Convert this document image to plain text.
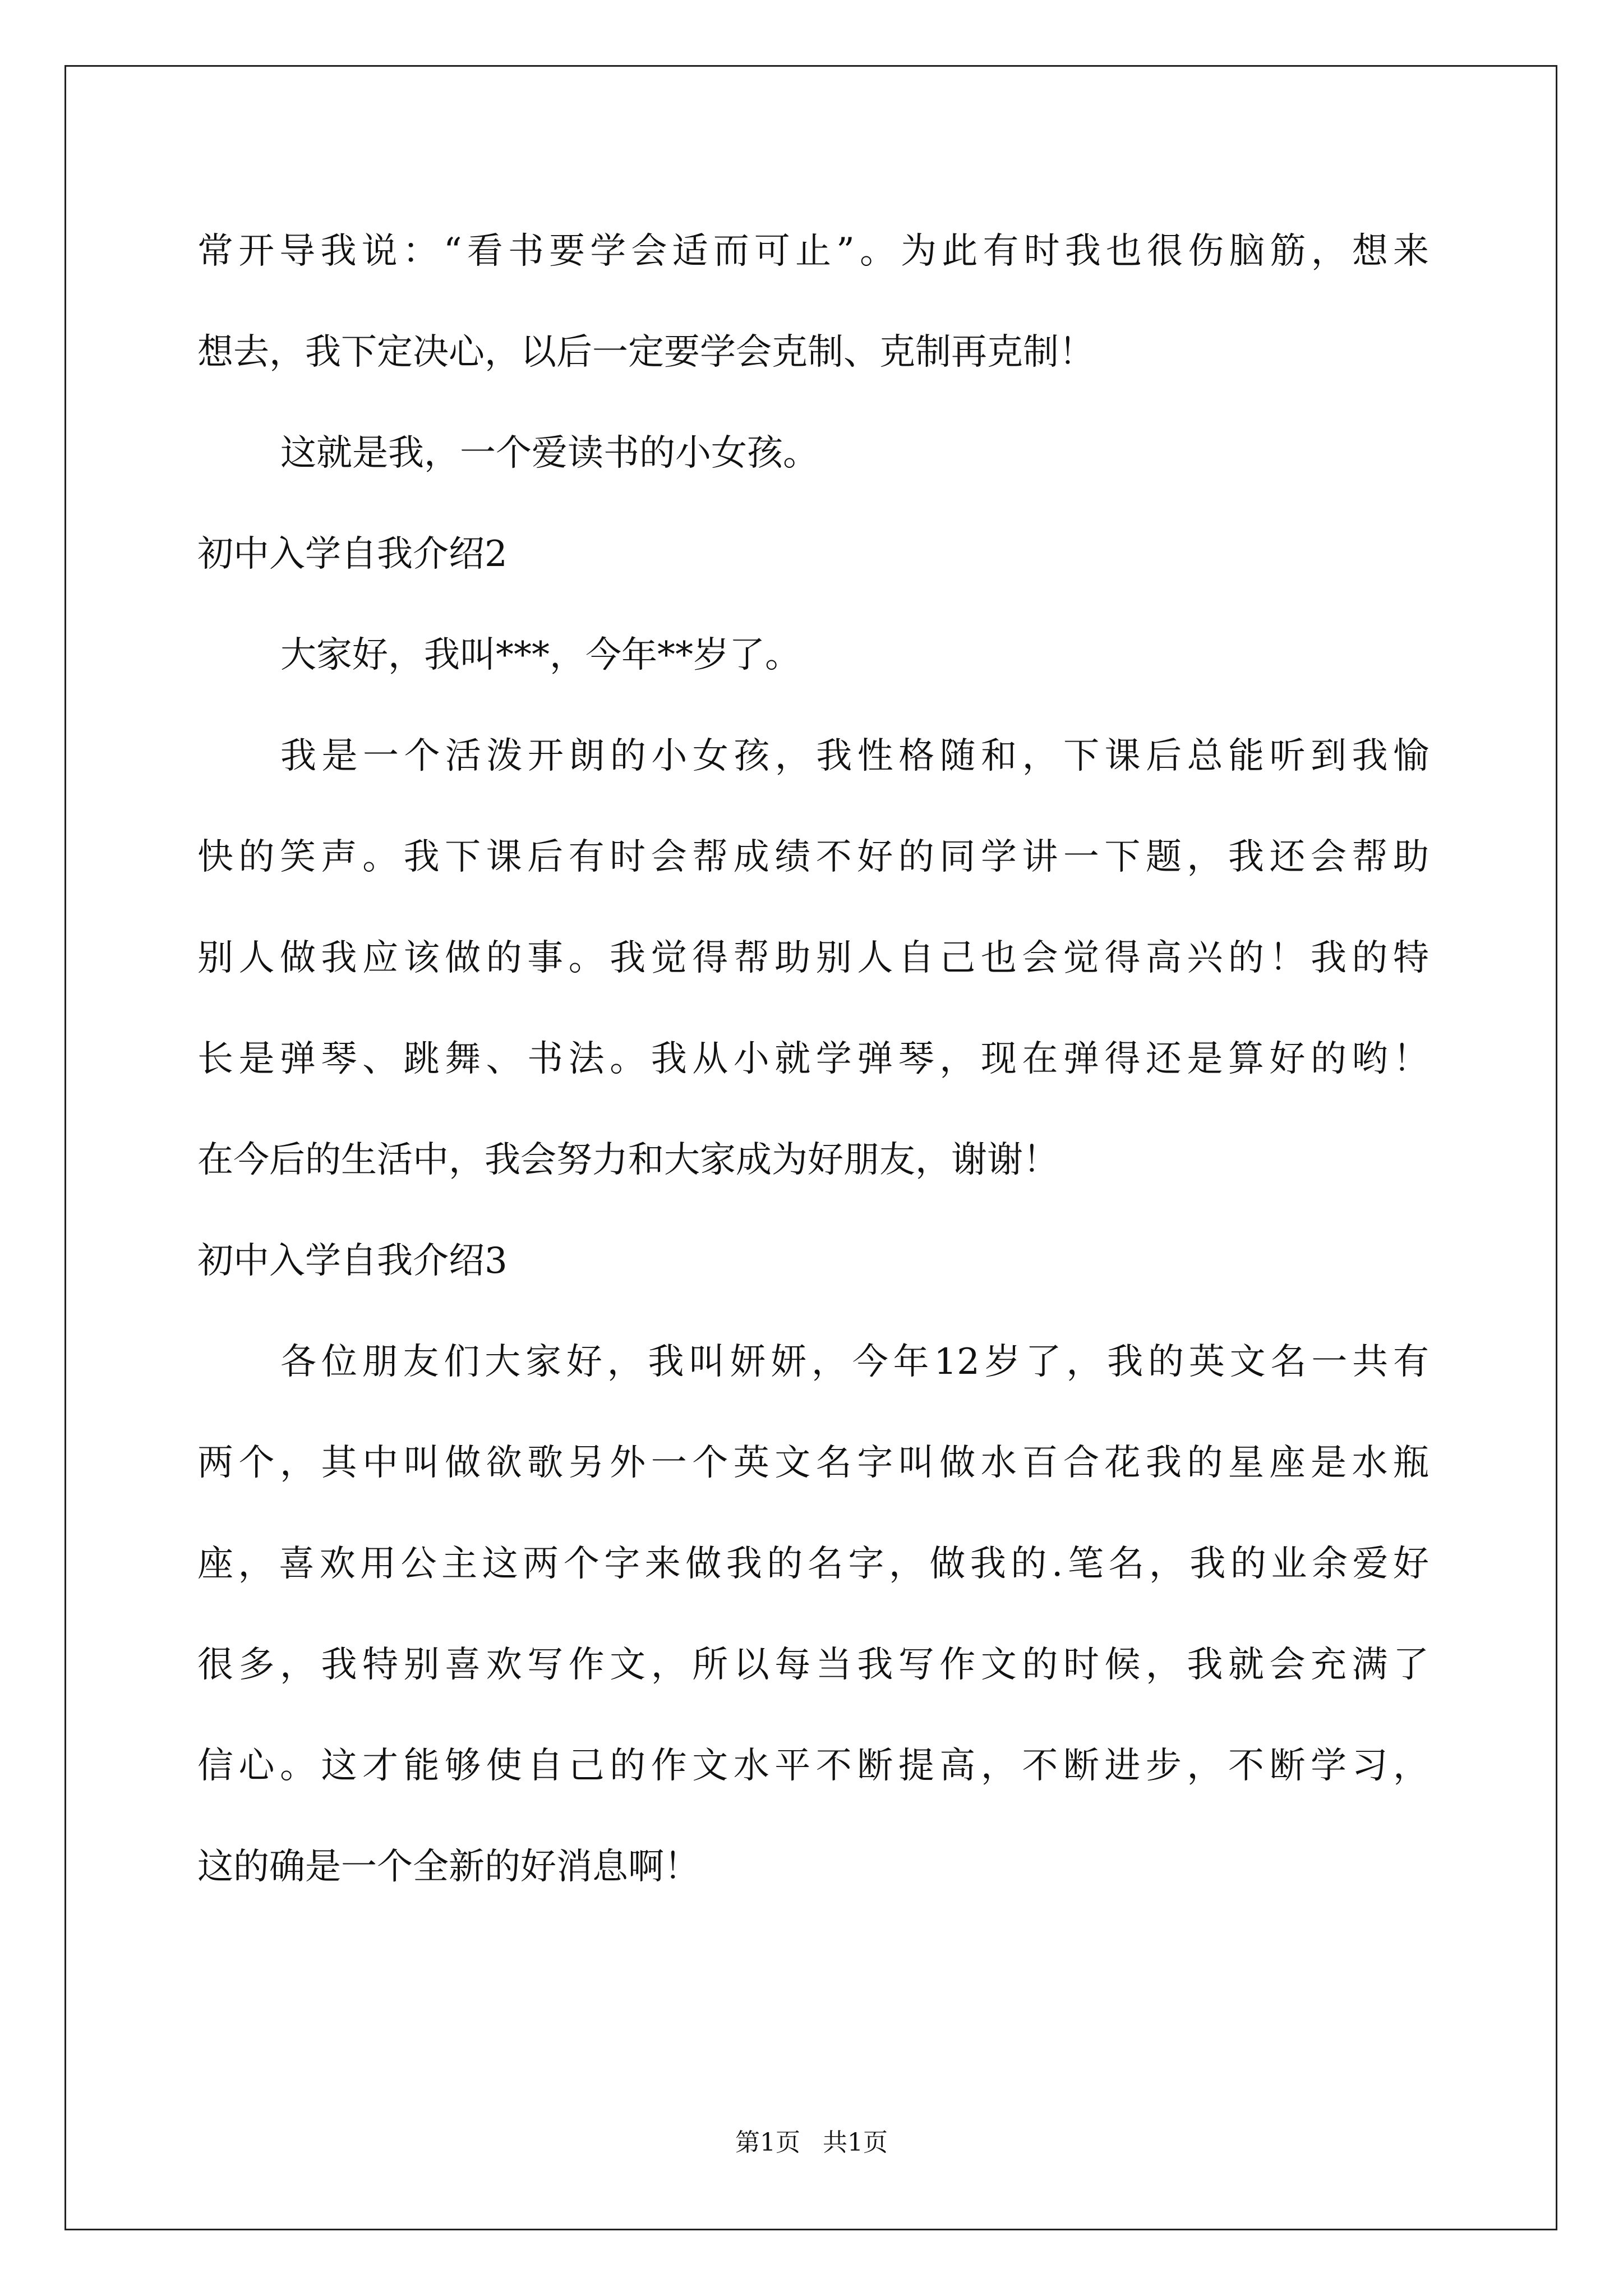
常开导我说：“看书要学会适而可止”。为此有时我也很伤脑筋，想来
想去，我下定决心，以后一定要学会克制、克制再克制！
这就是我，一个爱读书的小女孩。
初中入学自我介绍2
大家好，我叫***，今年**岁了。
我是一个活泼开朗的小女孩，我性格随和，下课后总能听到我愉
快的笑声。我下课后有时会帮成绩不好的同学讲一下题，我还会帮助
别人做我应该做的事。我觉得帮助别人自己也会觉得高兴的！我的特
长是弹琴、跳舞、书法。我从小就学弹琴，现在弹得还是算好的哟！
在今后的生活中，我会努力和大家成为好朋友，谢谢！
初中入学自我介绍3
各位朋友们大家好，我叫妍妍，今年12岁了，我的英文名一共有
两个，其中叫做欲歌另外一个英文名字叫做水百合花我的星座是水瓶
座，喜欢用公主这两个字来做我的名字，做我的.笔名，我的业余爱好
很多，我特别喜欢写作文，所以每当我写作文的时候，我就会充满了
信心。这才能够使自己的作文水平不断提高，不断进步，不断学习，
这的确是一个全新的好消息啊！
第1页 共1页
